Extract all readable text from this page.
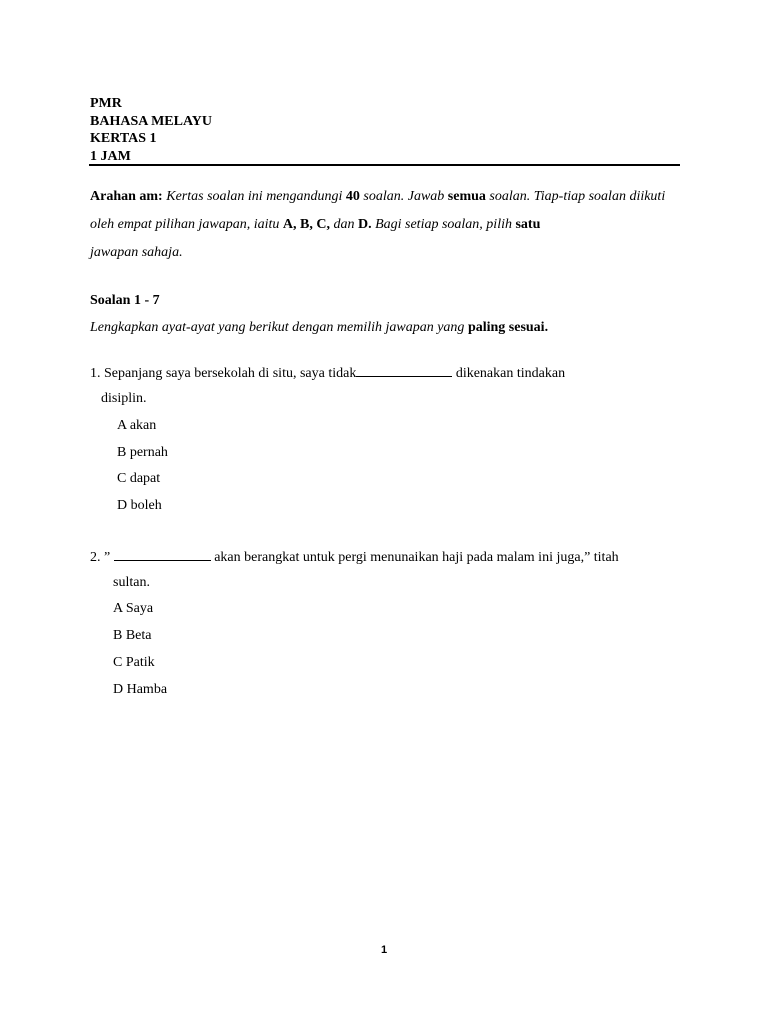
PMR
BAHASA MELAYU
KERTAS 1
1 JAM
Arahan am: Kertas soalan ini mengandungi 40 soalan. Jawab semua soalan. Tiap-tiap soalan diikuti oleh empat pilihan jawapan, iaitu A, B, C, dan D. Bagi setiap soalan, pilih satu
jawapan sahaja.
Soalan 1 - 7
Lengkapkan ayat-ayat yang berikut dengan memilih jawapan yang paling sesuai.
1. Sepanjang saya bersekolah di situ, saya tidak	dikenakan tindakan
disiplin.
A akan
B pernah
C dapat
D boleh
2. ”	akan berangkat untuk pergi menunaikan haji pada malam ini juga,” titah
sultan.
A Saya
B Beta
C Patik
D Hamba
1
